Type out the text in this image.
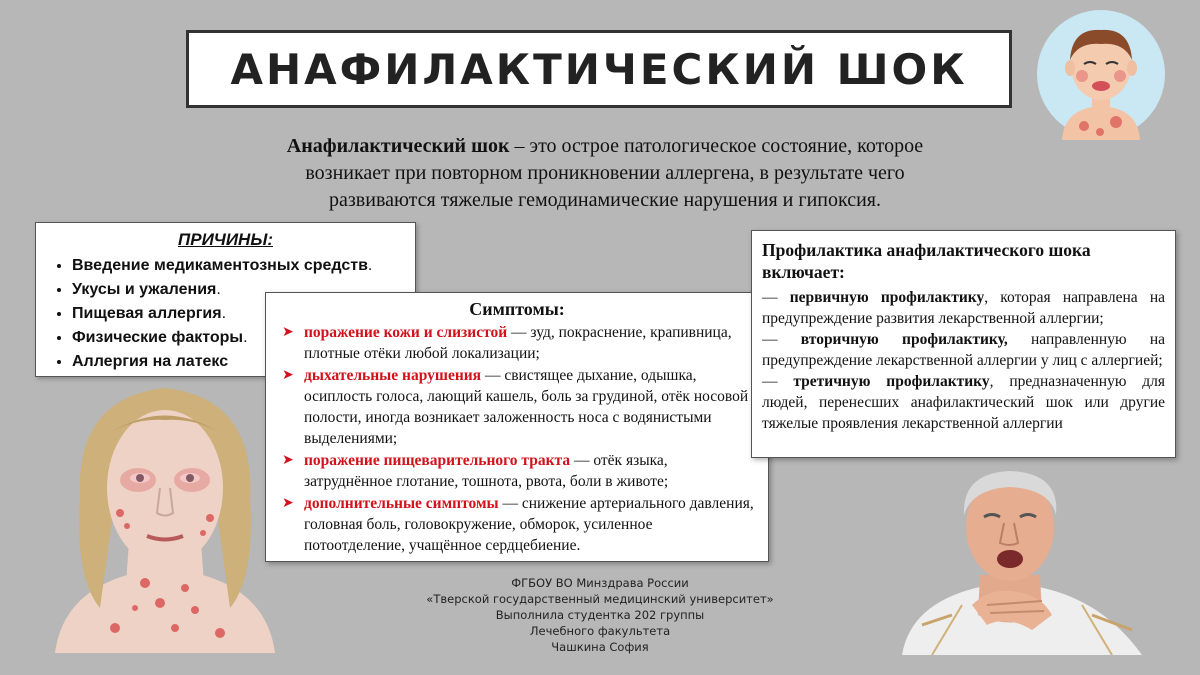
АНАФИЛАКТИЧЕСКИЙ ШОК
Анафилактический шок – это острое патологическое состояние, которое возникает при повторном проникновении аллергена, в результате чего развиваются тяжелые гемодинамические нарушения и гипоксия.
ПРИЧИНЫ:
• Введение медикаментозных средств.
• Укусы и ужаления.
• Пищевая аллергия.
• Физические факторы.
• Аллергия на латекс
Симптомы:
➤ поражение кожи и слизистой — зуд, покраснение, крапивница, плотные отёки любой локализации;
➤ дыхательные нарушения — свистящее дыхание, одышка, осиплость голоса, лающий кашель, боль за грудиной, отёк носовой полости, иногда возникает заложенность носа с водянистыми выделениями;
➤ поражение пищеварительного тракта — отёк языка, затруднённое глотание, тошнота, рвота, боли в животе;
➤ дополнительные симптомы — снижение артериального давления, головная боль, головокружение, обморок, усиленное потоотделение, учащённое сердцебиение.
Профилактика анафилактического шока включает:

— первичную профилактику, которая направлена на предупреждение развития лекарственной аллергии;

— вторичную профилактику, направленную на предупреждение лекарственной аллергии у лиц с аллергией;

— третичную профилактику, предназначенную для людей, перенесших анафилактический шок или другие тяжелые проявления лекарственной аллергии

ФГБОУ ВО Минздрава России
«Тверской государственный медицинский университет»
Выполнила студентка 202 группы
Лечебного факультета
Чашкина София
